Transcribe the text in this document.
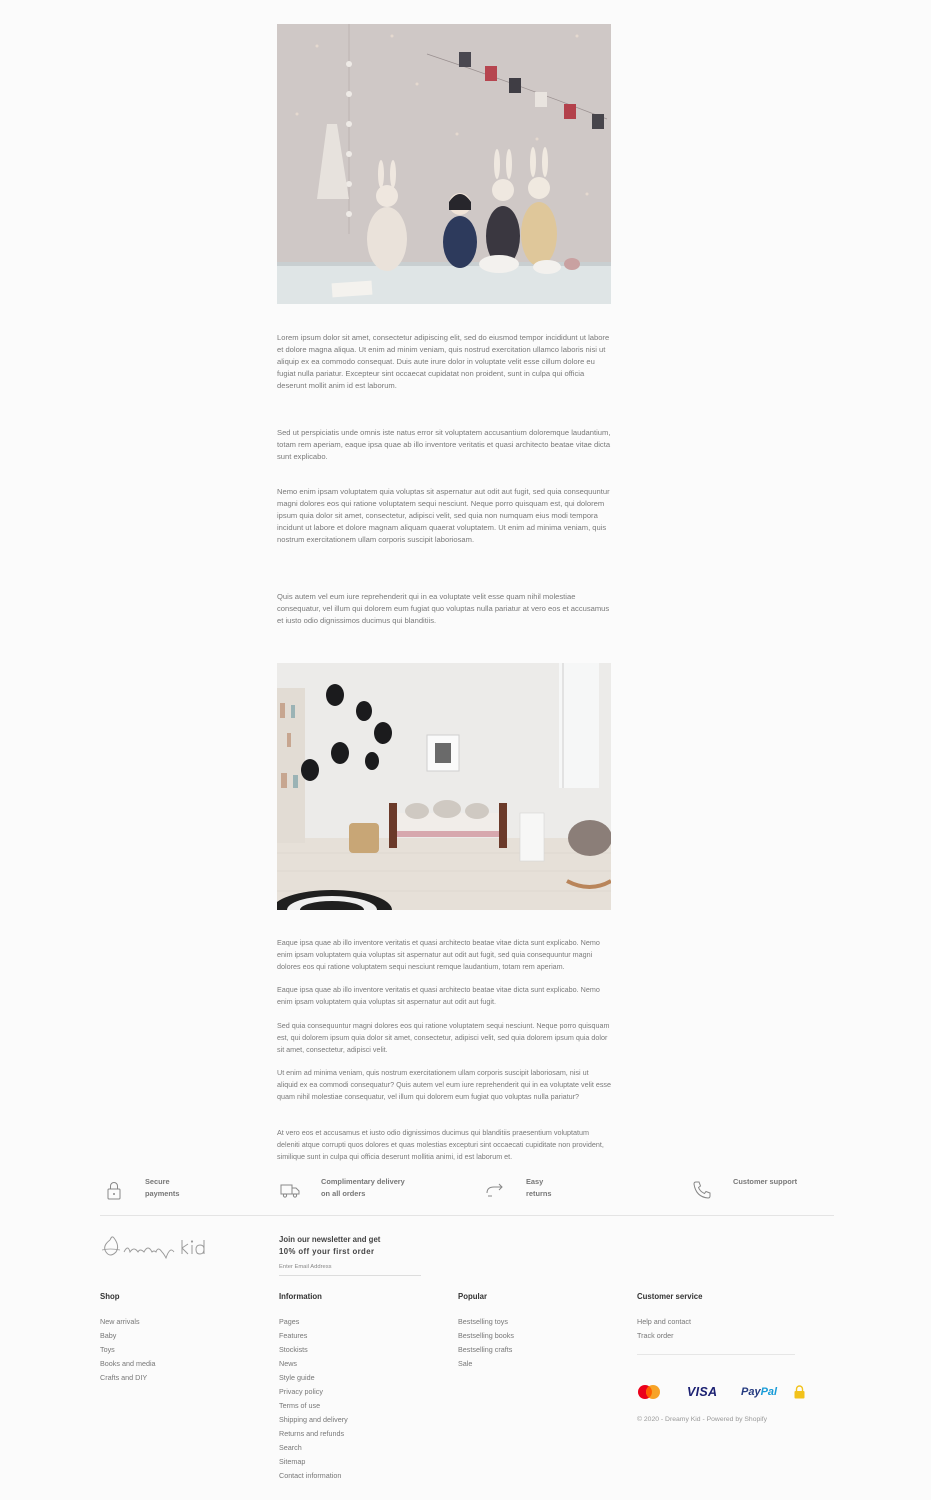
Lorem ipsum dolor sit amet, consectetur adipiscing elit, sed do eiusmod tempor incididunt ut labore et dolore magna aliqua. Ut enim ad minim veniam, quis nostrud exercitation ullamco laboris nisi ut aliquip ex ea commodo consequat. Duis aute irure dolor in voluptate velit esse cillum dolore eu fugiat nulla pariatur. Excepteur sint occaecat cupidatat non proident, sunt in culpa qui officia deserunt mollit anim id est laborum.

Sed ut perspiciatis unde omnis iste natus error sit voluptatem accusantium doloremque laudantium, totam rem aperiam, eaque ipsa quae ab illo inventore veritatis et quasi architecto beatae vitae dicta sunt explicabo.

Nemo enim ipsam voluptatem quia voluptas sit aspernatur aut odit aut fugit, sed quia consequuntur magni dolores eos qui ratione voluptatem sequi nesciunt. Neque porro quisquam est, qui dolorem ipsum quia dolor sit amet, consectetur, adipisci velit, sed quia non numquam eius modi tempora incidunt ut labore et dolore magnam aliquam quaerat voluptatem. Ut enim ad minima veniam, quis nostrum exercitationem ullam corporis suscipit laboriosam.

Quis autem vel eum iure reprehenderit qui in ea voluptate velit esse quam nihil molestiae consequatur, vel illum qui dolorem eum fugiat quo voluptas nulla pariatur at vero eos et accusamus et iusto odio dignissimos ducimus qui blanditiis.

Eaque ipsa quae ab illo inventore veritatis et quasi architecto beatae vitae dicta sunt explicabo. Nemo enim ipsam voluptatem quia voluptas sit aspernatur aut odit aut fugit, sed quia consequuntur magni dolores eos qui ratione voluptatem sequi nesciunt remque laudantium, totam rem aperiam.

Eaque ipsa quae ab illo inventore veritatis et quasi architecto beatae vitae dicta sunt explicabo. Nemo enim ipsam voluptatem quia voluptas sit aspernatur aut odit aut fugit.

Sed quia consequuntur magni dolores eos qui ratione voluptatem sequi nesciunt. Neque porro quisquam est, qui dolorem ipsum quia dolor sit amet, consectetur, adipisci velit, sed quia dolorem ipsum quia dolor sit amet, consectetur, adipisci velit.

Ut enim ad minima veniam, quis nostrum exercitationem ullam corporis suscipit laboriosam, nisi ut aliquid ex ea commodi consequatur? Quis autem vel eum iure reprehenderit qui in ea voluptate velit esse quam nihil molestiae consequatur, vel illum qui dolorem eum fugiat quo voluptas nulla pariatur?

At vero eos et accusamus et iusto odio dignissimos ducimus qui blanditiis praesentium voluptatum deleniti atque corrupti quos dolores et quas molestias excepturi sint occaecati cupiditate non provident, similique sunt in culpa qui officia deserunt mollitia animi, id est laborum et.

Secure
payments
Complimentary delivery
on all orders
Easy
returns
Customer support
Join our newsletter and get
10% off your first order
Enter Email Address
Shop
New arrivals
Baby
Toys
Books and media
Crafts and DIY
Information
Pages
Features
Stockists
News
Style guide
Privacy policy
Terms of use
Shipping and delivery
Returns and refunds
Search
Sitemap
Contact information
Popular
Bestselling toys
Bestselling books
Bestselling crafts
Sale
Customer service
Help and contact
Track order
VISA Pay Pal
© 2020 - Dreamy Kid - Powered by Shopify
